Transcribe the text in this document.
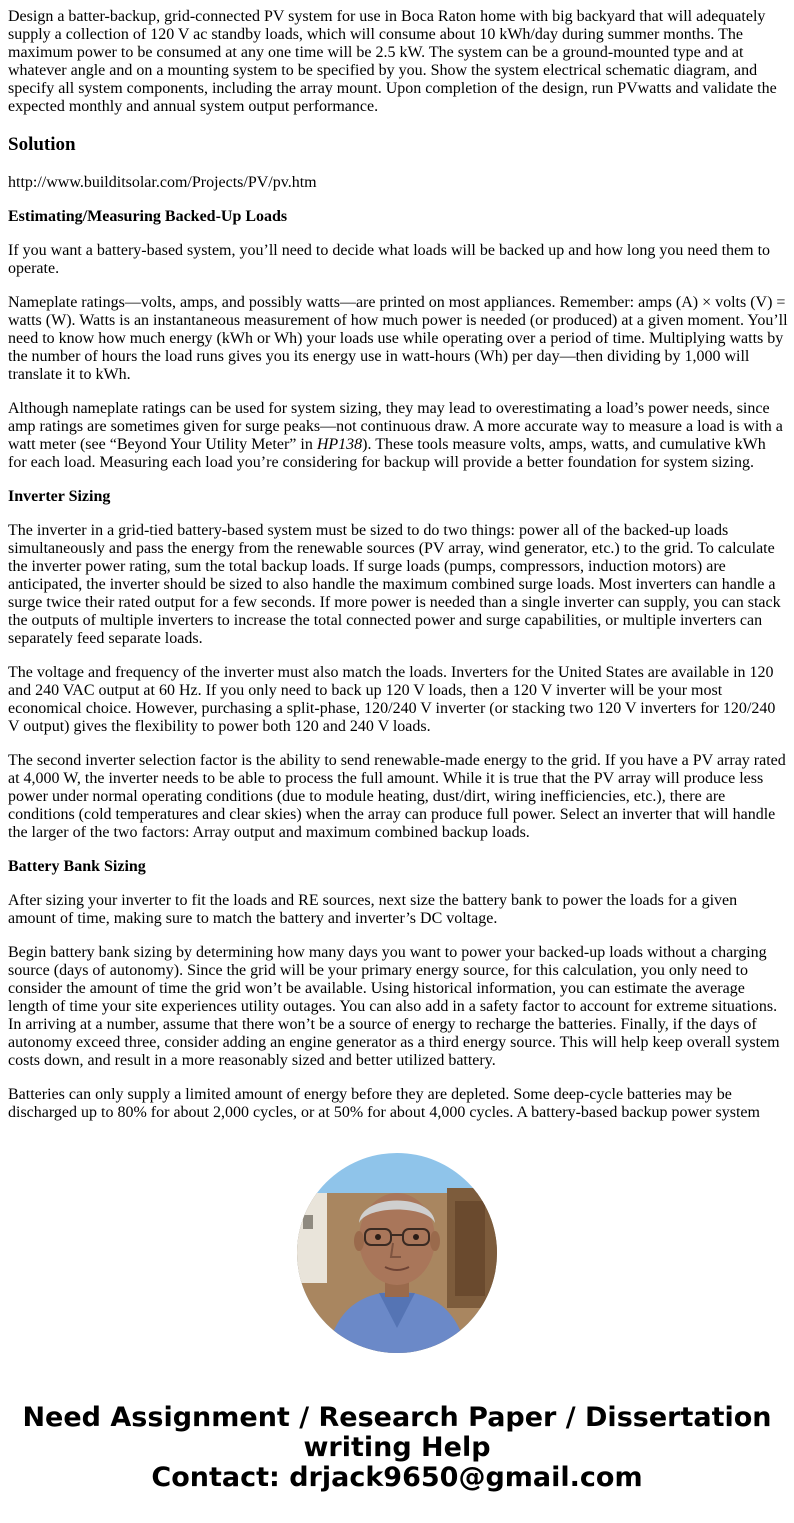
Design a batter-backup, grid-connected PV system for use in Boca Raton home with big backyard that will adequately supply a collection of 120 V ac standby loads, which will consume about 10 kWh/day during summer months. The maximum power to be consumed at any one time will be 2.5 kW. The system can be a ground-mounted type and at whatever angle and on a mounting system to be specified by you. Show the system electrical schematic diagram, and specify all system components, including the array mount. Upon completion of the design, run PVwatts and validate the expected monthly and annual system output performance.

Solution

http://www.builditsolar.com/Projects/PV/pv.htm

Estimating/Measuring Backed-Up Loads

If you want a battery-based system, you’ll need to decide what loads will be backed up and how long you need them to operate.

Nameplate ratings—volts, amps, and possibly watts—are printed on most appliances. Remember: amps (A) × volts (V) = watts (W). Watts is an instantaneous measurement of how much power is needed (or produced) at a given moment. You’ll need to know how much energy (kWh or Wh) your loads use while operating over a period of time. Multiplying watts by the number of hours the load runs gives you its energy use in watt-hours (Wh) per day—then dividing by 1,000 will translate it to kWh.

Although nameplate ratings can be used for system sizing, they may lead to overestimating a load’s power needs, since amp ratings are sometimes given for surge peaks—not continuous draw. A more accurate way to measure a load is with a watt meter (see “Beyond Your Utility Meter” in HP138). These tools measure volts, amps, watts, and cumulative kWh for each load. Measuring each load you’re considering for backup will provide a better foundation for system sizing.

Inverter Sizing

The inverter in a grid-tied battery-based system must be sized to do two things: power all of the backed-up loads simultaneously and pass the energy from the renewable sources (PV array, wind generator, etc.) to the grid. To calculate the inverter power rating, sum the total backup loads. If surge loads (pumps, compressors, induction motors) are anticipated, the inverter should be sized to also handle the maximum combined surge loads. Most inverters can handle a surge twice their rated output for a few seconds. If more power is needed than a single inverter can supply, you can stack the outputs of multiple inverters to increase the total connected power and surge capabilities, or multiple inverters can separately feed separate loads.

The voltage and frequency of the inverter must also match the loads. Inverters for the United States are available in 120 and 240 VAC output at 60 Hz. If you only need to back up 120 V loads, then a 120 V inverter will be your most economical choice. However, purchasing a split-phase, 120/240 V inverter (or stacking two 120 V inverters for 120/240 V output) gives the flexibility to power both 120 and 240 V loads.

The second inverter selection factor is the ability to send renewable-made energy to the grid. If you have a PV array rated at 4,000 W, the inverter needs to be able to process the full amount. While it is true that the PV array will produce less power under normal operating conditions (due to module heating, dust/dirt, wiring inefficiencies, etc.), there are conditions (cold temperatures and clear skies) when the array can produce full power. Select an inverter that will handle the larger of the two factors: Array output and maximum combined backup loads.

Battery Bank Sizing

After sizing your inverter to fit the loads and RE sources, next size the battery bank to power the loads for a given amount of time, making sure to match the battery and inverter’s DC voltage.

Begin battery bank sizing by determining how many days you want to power your backed-up loads without a charging source (days of autonomy). Since the grid will be your primary energy source, for this calculation, you only need to consider the amount of time the grid won’t be available. Using historical information, you can estimate the average length of time your site experiences utility outages. You can also add in a safety factor to account for extreme situations. In arriving at a number, assume that there won’t be a source of energy to recharge the batteries. Finally, if the days of autonomy exceed three, consider adding an engine generator as a third energy source. This will help keep overall system costs down, and result in a more reasonably sized and better utilized battery.

Batteries can only supply a limited amount of energy before they are depleted. Some deep-cycle batteries may be discharged up to 80% for about 2,000 cycles, or at 50% for about 4,000 cycles. A battery-based backup power system

Need Assignment / Research Paper / Dissertation
writing Help
Contact: drjack9650@gmail.com
